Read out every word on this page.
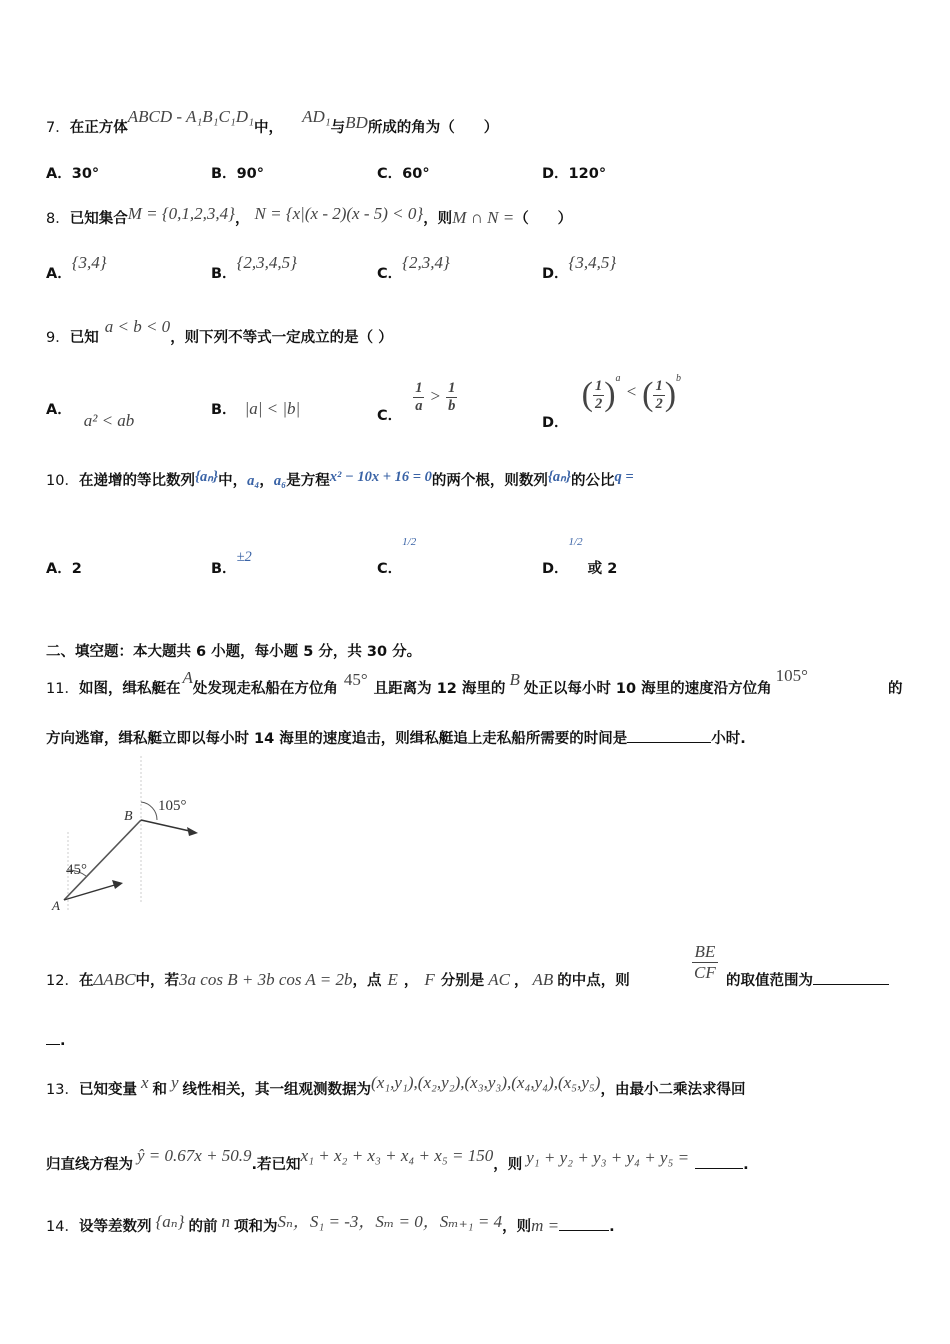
7．在正方体ABCD - A₁B₁C₁D₁中， AD₁与BD所成的角为（　　）
A．30°	B．90°	C．60°	D．120°
8．已知集合M = {0,1,2,3,4}， N = {x|(x - 2)(x - 5) < 0}，则M ∩ N =（　　）
A．{3,4}
B．{2,3,4,5}
C．{2,3,4}
D．{3,4,5}
9．已知a < b < 0，则下列不等式一定成立的是（ ）
A．a² < ab
B． |a| < |b|	C．
$\frac{1}{a} > \frac{1}{b}$
D． ( $\frac{1}{2} )^a$ < ( $\frac{1}{2} )^b$
10．在递增的等比数列{aₙ}中，a₄，a₆是方程x² − 10x + 16 = 0的两个根，则数列{aₙ}的公比q =
A．2	B．±2
C．$^{1/2}$
D．$^{1/2}$ 或 2
二、填空题：本大题共 6 小题，每小题 5 分，共 30 分。
11．如图，缉私艇在A处发现走私船在方位角 45° 且距离为 12 海里的 B 处正以每小时 10 海里的速度沿方位角105°
的
方向逃窜，缉私艇立即以每小时 14 海里的速度追击，则缉私艇追上走私船所需要的时间是	小时.
105°
45°
B
A
12．在ΔABC中，若3a cos B + 3b cos A = 2b，点 E ， F 分别是 AC ， AB 的中点，则	$\frac{BE}{CF}$ 的取值范围为
.
13．已知变量 x 和 y 线性相关，其一组观测数据为(x₁,y₁),(x₂,y₂),(x₃,y₃),(x₄,y₄),(x₅,y₅)，由最小二乘法求得回
归直线方程为 ŷ = 0.67x + 50.9.若已知x₁ + x₂ + x₃ + x₄ + x₅ = 150，则 y₁ + y₂ + y₃ + y₄ + y₅ =	.
14．设等差数列 {aₙ} 的前 n 项和为Sₙ，S₁ = -3，Sₘ = 0，Sₘ₊₁ = 4，则m =	.
